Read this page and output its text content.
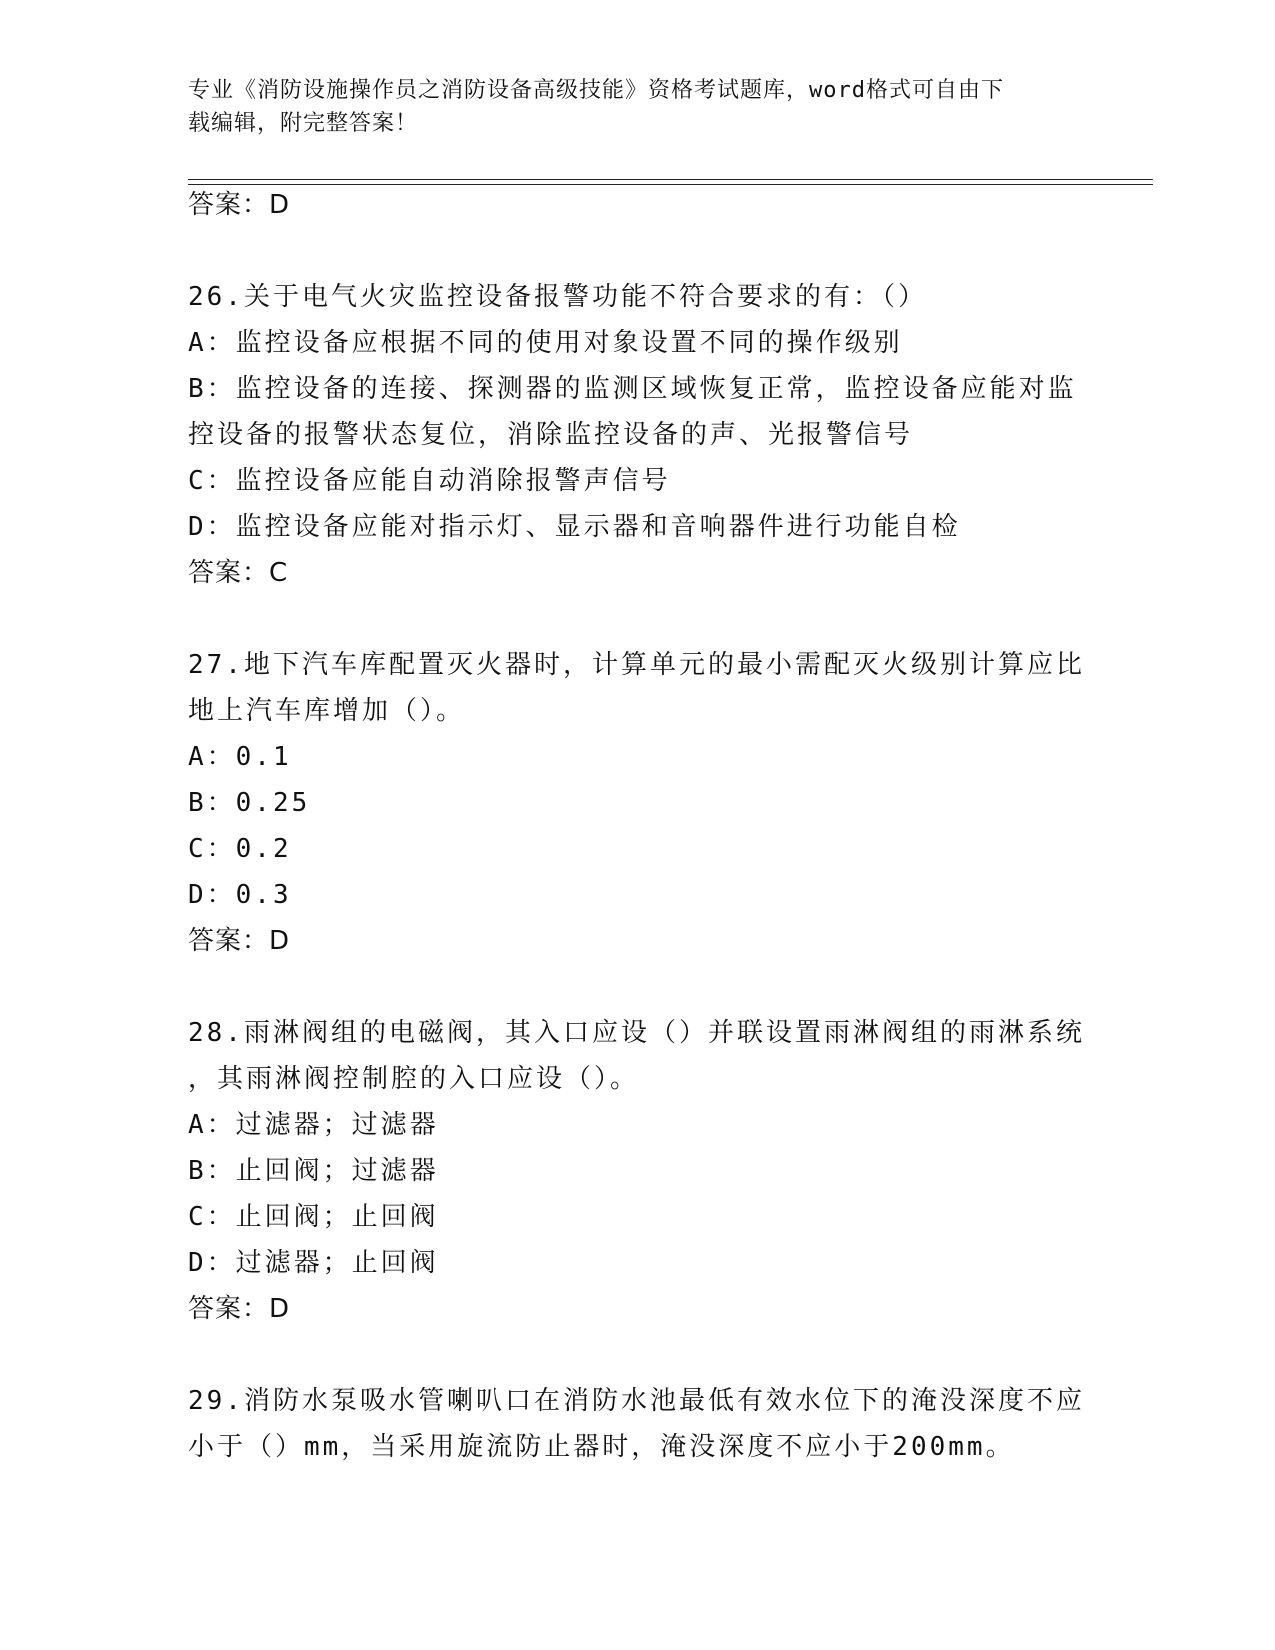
专业《消防设施操作员之消防设备高级技能》资格考试题库，word格式可自由下
载编辑，附完整答案！
答案：D
26.关于电气火灾监控设备报警功能不符合要求的有：（）
A：监控设备应根据不同的使用对象设置不同的操作级别
B：监控设备的连接、探测器的监测区域恢复正常，监控设备应能对监
控设备的报警状态复位，消除监控设备的声、光报警信号
C：监控设备应能自动消除报警声信号
D：监控设备应能对指示灯、显示器和音响器件进行功能自检
答案：C
27.地下汽车库配置灭火器时，计算单元的最小需配灭火级别计算应比
地上汽车库增加（）。
A：0.1
B：0.25
C：0.2
D：0.3
答案：D
28.雨淋阀组的电磁阀，其入口应设（）并联设置雨淋阀组的雨淋系统
，其雨淋阀控制腔的入口应设（）。
A：过滤器；过滤器
B：止回阀；过滤器
C：止回阀；止回阀
D：过滤器；止回阀
答案：D
29.消防水泵吸水管喇叭口在消防水池最低有效水位下的淹没深度不应
小于（）mm，当采用旋流防止器时，淹没深度不应小于200mm。
